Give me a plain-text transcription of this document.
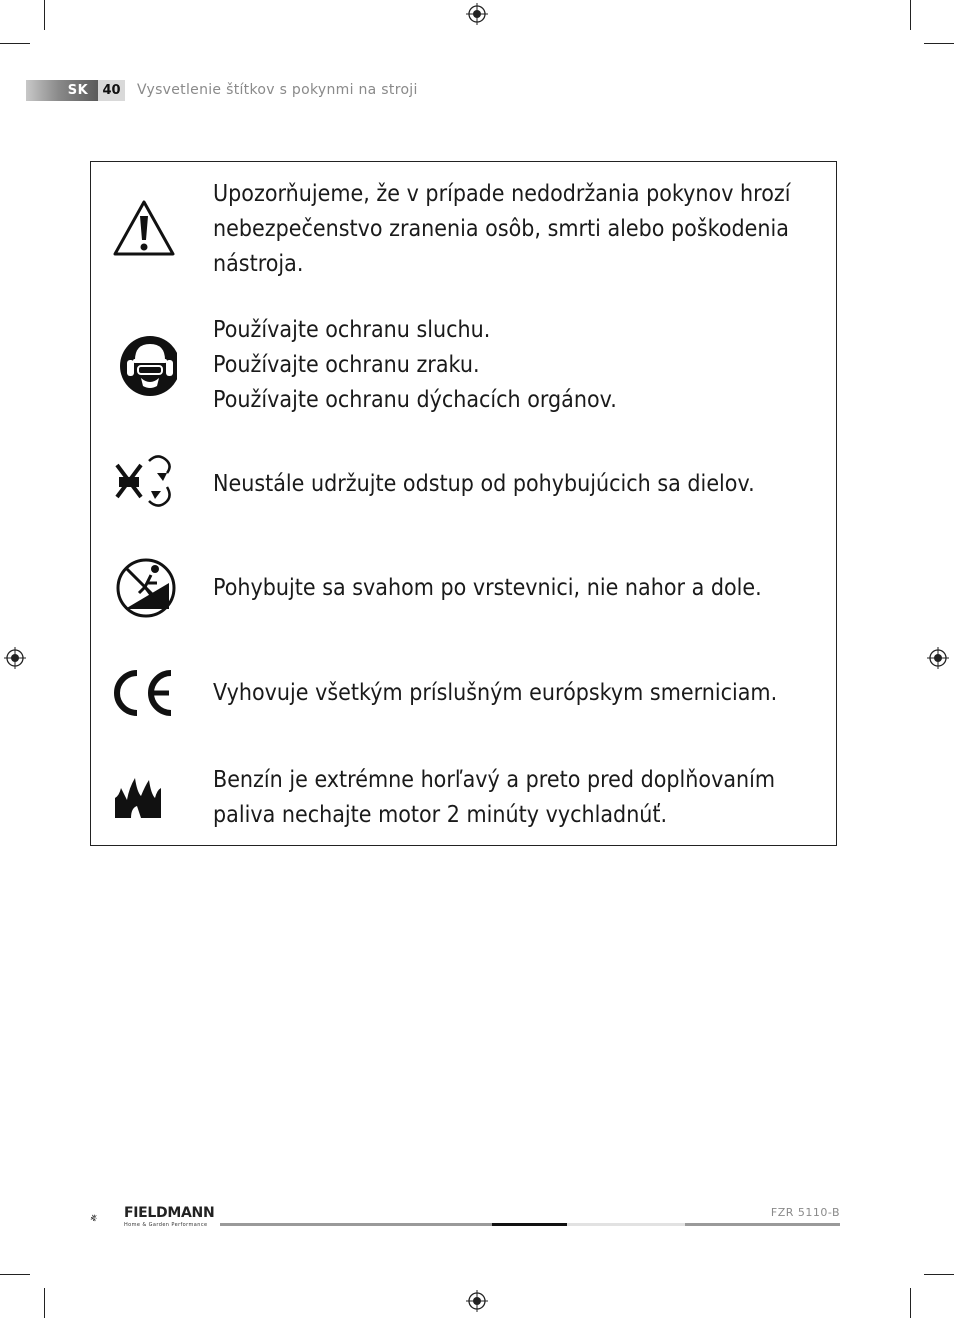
SK	40	Vysvetlenie štítkov s pokynmi na stroji
Upozorňujeme, že v prípade nedodržania pokynov hrozí
nebezpečenstvo zranenia osôb, smrti alebo poškodenia
nástroja.
Používajte ochranu sluchu.
Používajte ochranu zraku.
Používajte ochranu dýchacích orgánov.
Neustále udržujte odstup od pohybujúcich sa dielov.
Pohybujte sa svahom po vrstevnici, nie nahor a dole.
Vyhovuje všetkým príslušným európskym smerniciam.
Benzín je extrémne horľavý a preto pred doplňovaním
paliva nechajte motor 2 minúty vychladnúť.
FIELDMANN
Home & Garden Performance
FZR 5110-B
